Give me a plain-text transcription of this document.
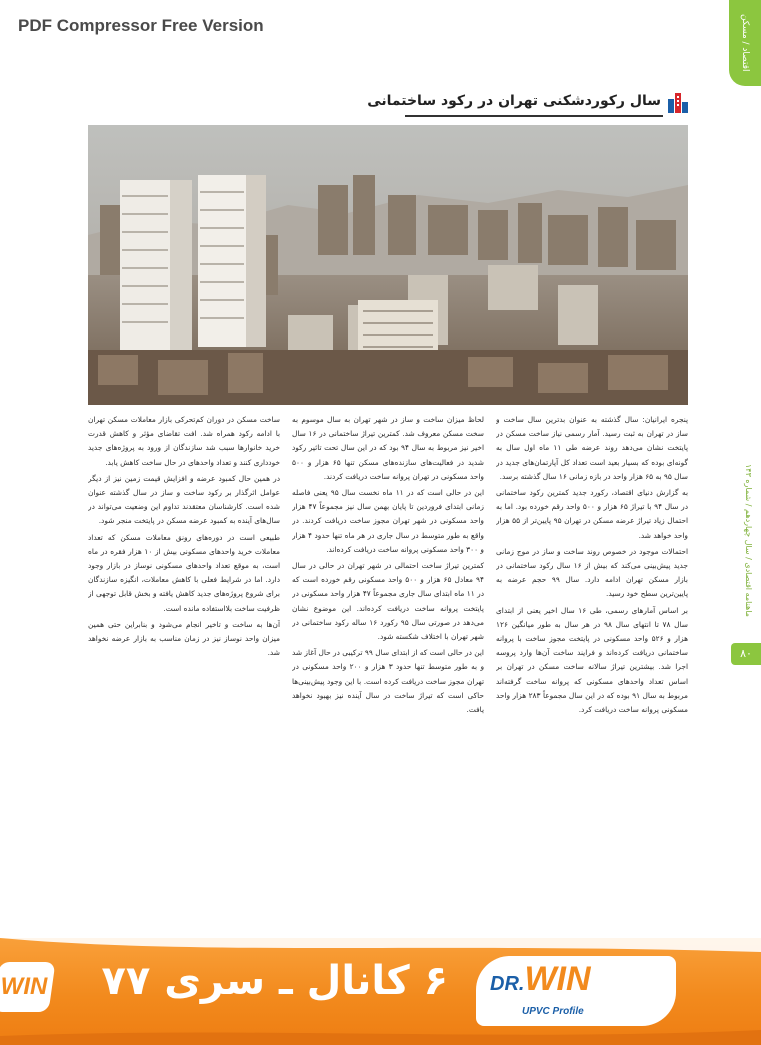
PDF Compressor Free Version	اقتصاد / مسکن
ماهنامه اقتصادی / سال چهاردهم / شماره ۱۴۳
۸۰
سال رکوردشکنی تهران در رکود ساختمانی

پنجره ایرانیان: سال گذشته به عنوان بدترین سال ساخت و ساز در تهران به ثبت رسید. آمار رسمی نیاز ساخت مسکن در پایتخت نشان می‌دهد روند عرضه طی ۱۱ ماه اول سال به گونه‌ای بوده که بسیار بعید است تعداد کل آپارتمان‌های جدید در سال ۹۵ به ۶۵ هزار واحد در بازه زمانی ۱۶ سال گذشته برسد.

به گزارش دنیای اقتصاد، رکورد جدید کمترین رکود ساختمانی در سال ۹۴ با تیراژ ۶۵ هزار و ۵۰۰ واحد رقم خورده بود. اما به احتمال زیاد تیراژ عرضه مسکن در تهران ۹۵ پایین‌تر از ۵۵ هزار واحد خواهد شد.

احتمالات موجود در خصوص روند ساخت و ساز در موج زمانی جدید پیش‌بینی می‌کند که بیش از ۱۶ سال رکود ساختمانی در بازار مسکن تهران ادامه دارد. سال ۹۹ حجم عرضه به پایین‌ترین سطح خود رسید.

بر اساس آمارهای رسمی، طی ۱۶ سال اخیر یعنی از ابتدای سال ۷۸ تا انتهای سال ۹۸ در هر سال به طور میانگین ۱۲۶ هزار و ۵۲۶ واحد مسکونی در پایتخت مجوز ساخت با پروانه ساختمانی دریافت کرده‌اند و فرایند ساخت آن‌ها وارد پروسه اجرا شد. بیشترین تیراژ سالانه ساخت مسکن در تهران بر اساس تعداد واحدهای مسکونی که پروانه ساخت گرفته‌اند مربوط به سال ۹۱ بوده که در این سال مجموعاً ۲۸۳ هزار واحد مسکونی پروانه ساخت دریافت کرد.

لحاظ میزان ساخت و ساز در شهر تهران به سال موسوم به سخت مسکن معروف شد. کمترین تیراژ ساختمانی در ۱۶ سال اخیر نیز مربوط به سال ۹۴ بود که در این سال تحت تاثیر رکود شدید در فعالیت‌های سازنده‌های مسکن تنها ۶۵ هزار و ۵۰۰ واحد مسکونی در تهران پروانه ساخت دریافت کردند.

این در حالی است که در ۱۱ ماه نخست سال ۹۵ یعنی فاصله زمانی ابتدای فروردین تا پایان بهمن سال نیز مجموعاً ۴۷ هزار واحد مسکونی در شهر تهران مجوز ساخت دریافت کردند. در واقع به طور متوسط در سال جاری در هر ماه تنها حدود ۴ هزار و ۳۰۰ واحد مسکونی پروانه ساخت دریافت کرده‌اند.

کمترین تیراژ ساخت احتمالی در شهر تهران در حالی در سال ۹۴ معادل ۶۵ هزار و ۵۰۰ واحد مسکونی رقم خورده است که در ۱۱ ماه ابتدای سال جاری مجموعاً ۴۷ هزار واحد مسکونی در پایتخت پروانه ساخت دریافت کرده‌اند. این موضوع نشان می‌دهد در صورتی سال ۹۵ رکورد ۱۶ ساله رکود ساختمانی در شهر تهران با اختلاف شکسته شود.

این در حالی است که از ابتدای سال ۹۹ ترکیبی در حال آغاز شد و به طور متوسط تنها حدود ۳ هزار و ۲۰۰ واحد مسکونی در تهران مجوز ساخت دریافت کرده است. با این وجود پیش‌بینی‌ها حاکی است که تیراژ ساخت در سال آینده نیز بهبود نخواهد یافت.

ساخت مسکن در دوران کم‌تحرکی بازار معاملات مسکن تهران با ادامه رکود همراه شد. افت تقاضای مؤثر و کاهش قدرت خرید خانوارها سبب شد سازندگان از ورود به پروژه‌های جدید خودداری کنند و تعداد واحدهای در حال ساخت کاهش یابد.

در همین حال کمبود عرضه و افزایش قیمت زمین نیز از دیگر عوامل اثرگذار بر رکود ساخت و ساز در سال گذشته عنوان شده است. کارشناسان معتقدند تداوم این وضعیت می‌تواند در سال‌های آینده به کمبود عرضه مسکن در پایتخت منجر شود.

طبیعی است در دوره‌های رونق معاملات مسکن که تعداد معاملات خرید واحدهای مسکونی بیش از ۱۰ هزار فقره در ماه است، به موقع تعداد واحدهای مسکونی نوساز در بازار وجود دارد. اما در شرایط فعلی با کاهش معاملات، انگیزه سازندگان برای شروع پروژه‌های جدید کاهش یافته و بخش قابل توجهی از ظرفیت ساخت بلااستفاده مانده است.

آن‌ها به ساخت و تاخیر انجام می‌شود و بنابراین حتی همین میزان واحد نوساز نیز در زمان مناسب به بازار عرضه نخواهد شد.

WIN ۶ کانال ـ سری ۷۷ DR.WIN
UPVC Profile
